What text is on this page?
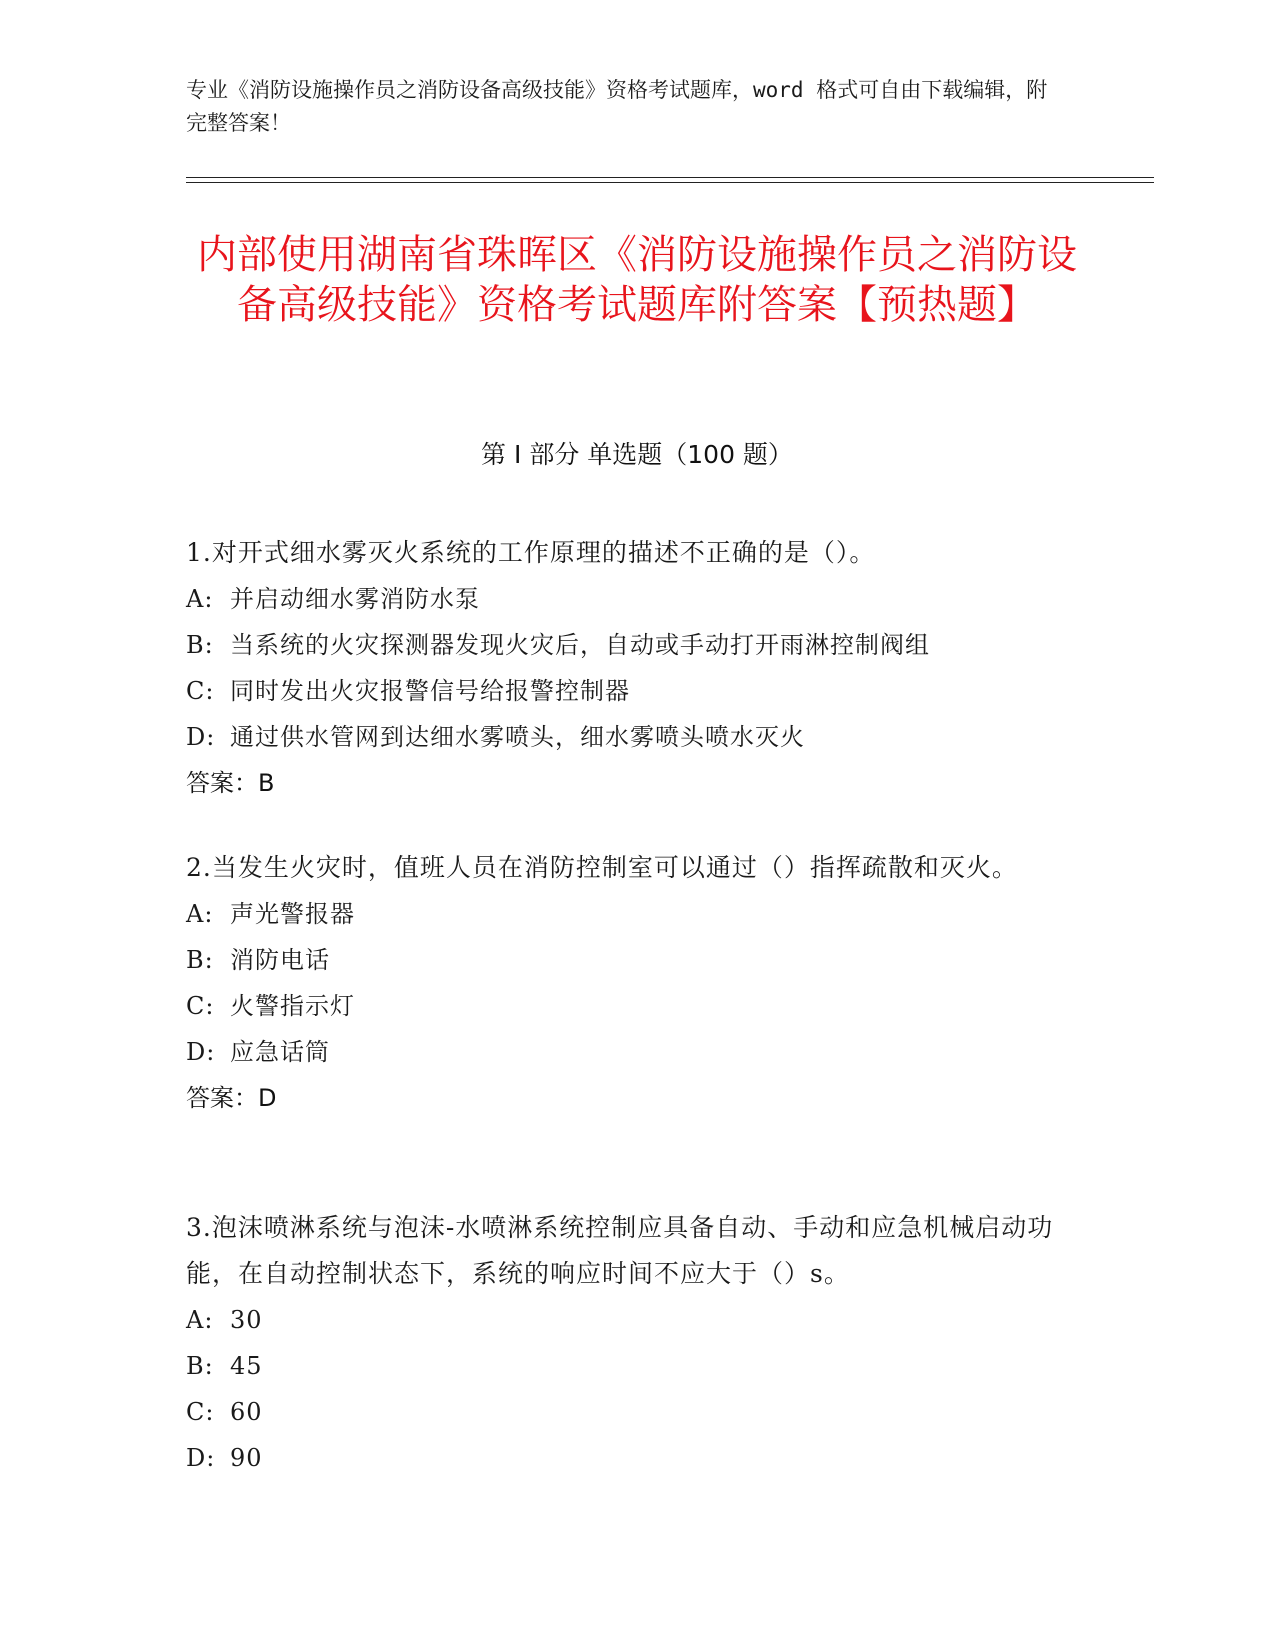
专业《消防设施操作员之消防设备高级技能》资格考试题库，word 格式可自由下载编辑，附完整答案！

内部使用湖南省珠晖区《消防设施操作员之消防设备高级技能》资格考试题库附答案【预热题】
第 I 部分 单选题（100 题）

1.对开式细水雾灭火系统的工作原理的描述不正确的是（）。

A: 并启动细水雾消防水泵

B: 当系统的火灾探测器发现火灾后，自动或手动打开雨淋控制阀组

C: 同时发出火灾报警信号给报警控制器

D: 通过供水管网到达细水雾喷头，细水雾喷头喷水灭火

答案：B

2.当发生火灾时，值班人员在消防控制室可以通过（）指挥疏散和灭火。

A: 声光警报器

B: 消防电话

C: 火警指示灯

D: 应急话筒

答案：D

3.泡沫喷淋系统与泡沫-水喷淋系统控制应具备自动、手动和应急机械启动功能，在自动控制状态下，系统的响应时间不应大于（）s。

A: 30

B: 45

C: 60

D: 90
